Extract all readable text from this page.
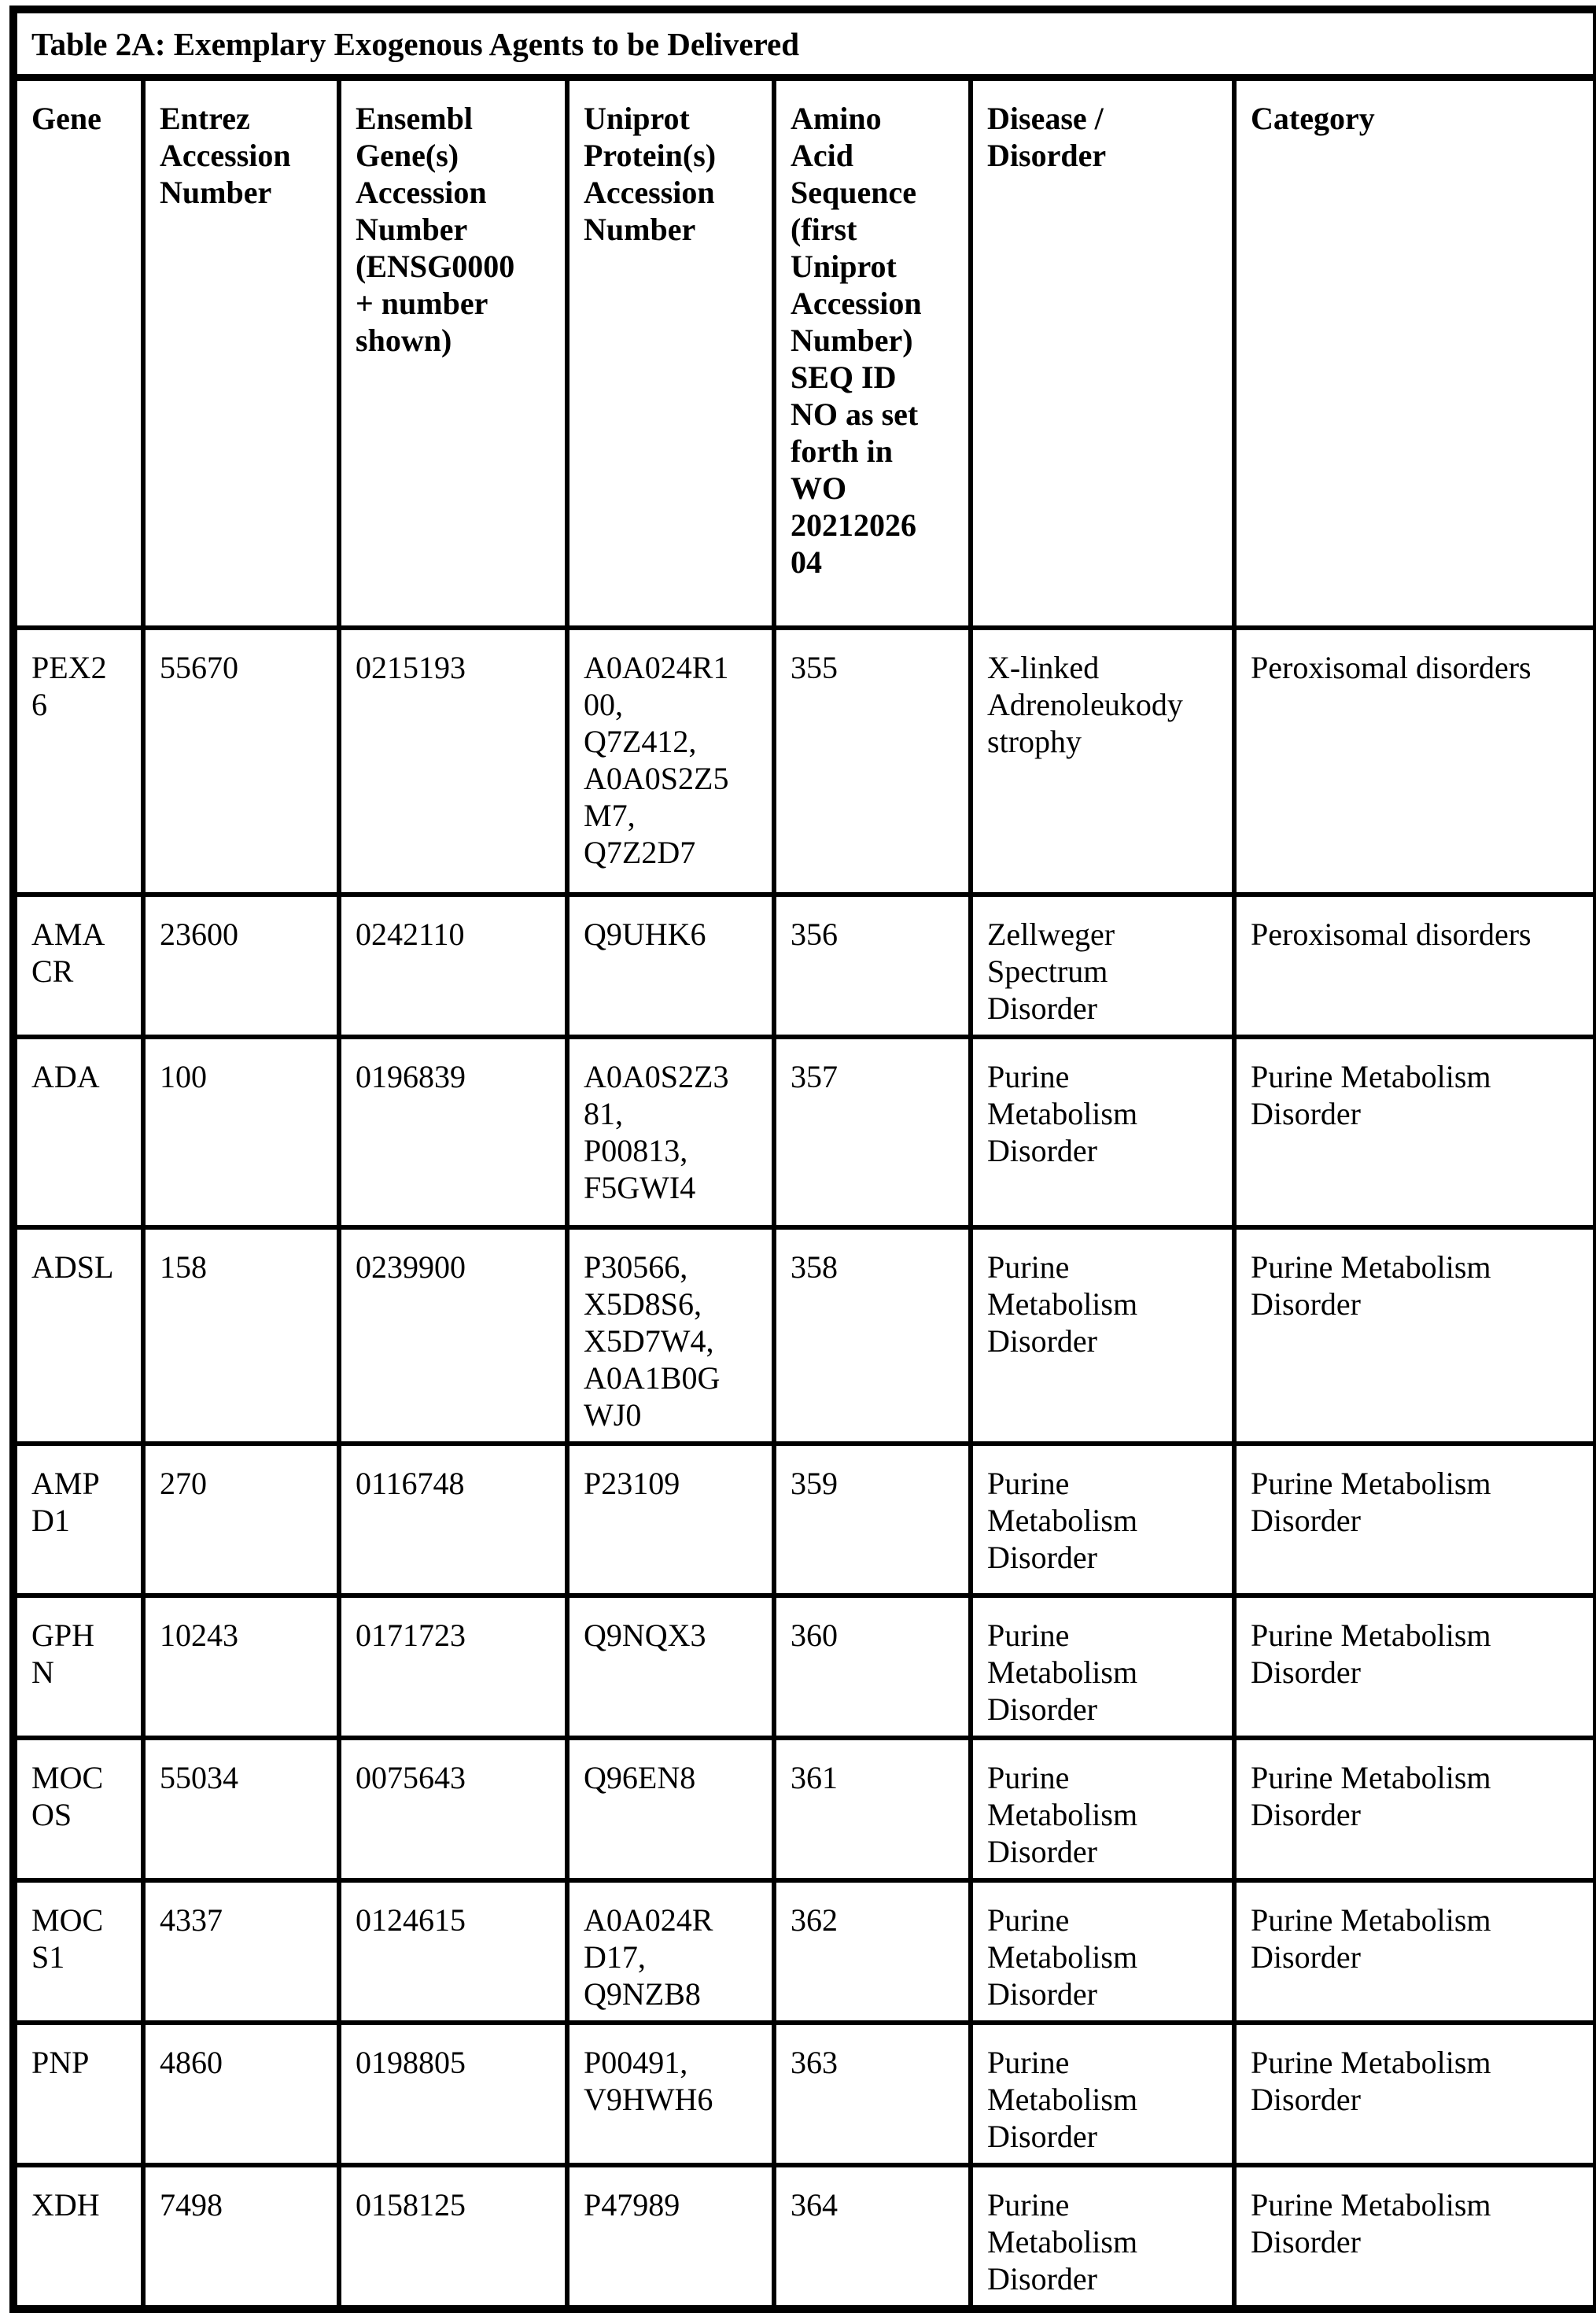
Table 2A: Exemplary Exogenous Agents to be Delivered						
Gene	Entrez
Accession
Number	Ensembl
Gene(s)
Accession
Number
(ENSG0000
+ number
shown)	Uniprot
Protein(s)
Accession
Number	Amino
Acid
Sequence
(first
Uniprot
Accession
Number)
SEQ ID
NO as set
forth in
WO
20212026
04	Disease /
Disorder	Category
PEX2
6	55670	0215193	A0A024R1
00,
Q7Z412,
A0A0S2Z5
M7,
Q7Z2D7	355	X-linked
Adrenoleukody
strophy	Peroxisomal disorders
AMA
CR	23600	0242110	Q9UHK6	356	Zellweger
Spectrum
Disorder	Peroxisomal disorders
ADA	100	0196839	A0A0S2Z3
81,
P00813,
F5GWI4	357	Purine
Metabolism
Disorder	Purine Metabolism
Disorder
ADSL	158	0239900	P30566,
X5D8S6,
X5D7W4,
A0A1B0G
WJ0	358	Purine
Metabolism
Disorder	Purine Metabolism
Disorder
AMP
D1	270	0116748	P23109	359	Purine
Metabolism
Disorder	Purine Metabolism
Disorder
GPH
N	10243	0171723	Q9NQX3	360	Purine
Metabolism
Disorder	Purine Metabolism
Disorder
MOC
OS	55034	0075643	Q96EN8	361	Purine
Metabolism
Disorder	Purine Metabolism
Disorder
MOC
S1	4337	0124615	A0A024R
D17,
Q9NZB8	362	Purine
Metabolism
Disorder	Purine Metabolism
Disorder
PNP	4860	0198805	P00491,
V9HWH6	363	Purine
Metabolism
Disorder	Purine Metabolism
Disorder
XDH	7498	0158125	P47989	364	Purine
Metabolism
Disorder	Purine Metabolism
Disorder
